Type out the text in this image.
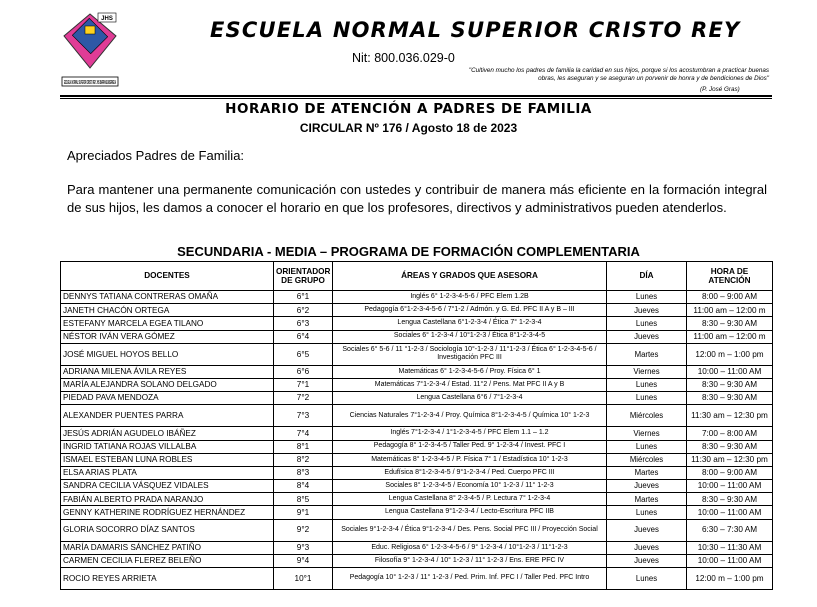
JHS
ESCUELA NORMAL SUPERIOR CRISTO REY JHS BARRANCABERMEJA
ESCUELA NORMAL SUPERIOR CRISTO REY
Nit: 800.036.029-0
"Cultiven mucho los padres de familia la caridad en sus hijos, porque si los acostumbran a practicar buenas obras, les aseguran y se aseguran un porvenir de honra y de bendiciones de Dios"
(P. José Gras)
HORARIO DE ATENCIÓN A PADRES DE FAMILIA
CIRCULAR Nº 176 / Agosto 18 de 2023
Apreciados Padres de Familia:
Para mantener una permanente comunicación con ustedes y contribuir de manera más eficiente en la formación integral de sus hijos, les damos a conocer el horario en que los profesores, directivos y administrativos pueden atenderlos.
SECUNDARIA - MEDIA – PROGRAMA DE FORMACIÓN COMPLEMENTARIA
DOCENTES	ORIENTADOR DE GRUPO	ÁREAS Y GRADOS QUE ASESORA	DÍA	HORA DE ATENCIÓN
DENNYS TATIANA CONTRERAS OMAÑA	6°1	Inglés 6° 1-2-3-4-5-6 / PFC Elem 1.2B	Lunes	8:00 – 9:00 AM
JANETH CHACÓN ORTEGA	6°2	Pedagogía 6°1-2-3-4-5-6 / 7°1-2 / Admón. y G. Ed. PFC II A y B – III	Jueves	11:00 am – 12:00 m
ESTEFANY MARCELA EGEA TILANO	6°3	Lengua Castellana 6°1-2-3-4 / Ética 7° 1-2-3-4	Lunes	8:30 – 9:30 AM
NÉSTOR IVÁN VERA GÓMEZ	6°4	Sociales 6° 1-2-3-4 / 10°1-2-3 / Ética 8°1-2-3-4-5	Jueves	11:00 am – 12:00 m
JOSÉ MIGUEL HOYOS BELLO	6°5	Sociales 6° 5-6 / 11 °1-2-3 / Sociología 10°-1-2-3 / 11°1-2-3 / Ética 6° 1-2-3-4-5-6 / Investigación PFC III	Martes	12:00 m – 1:00 pm
ADRIANA MILENA ÁVILA REYES	6°6	Matemáticas 6° 1-2-3-4-5-6 / Proy. Física 6° 1	Viernes	10:00 – 11:00 AM
MARÍA ALEJANDRA SOLANO DELGADO	7°1	Matemáticas 7°1-2-3-4 / Estad. 11°2 / Pens. Mat PFC II A y B	Lunes	8:30 – 9:30 AM
PIEDAD PAVA MENDOZA	7°2	Lengua Castellana 6°6 / 7°1-2-3-4	Lunes	8:30 – 9:30 AM
ALEXANDER PUENTES PARRA	7°3	Ciencias Naturales 7°1-2-3-4 / Proy. Química 8°1-2-3-4-5 / Química 10° 1-2-3	Miércoles	11:30 am – 12:30 pm
JESÚS ADRIÁN AGUDELO IBÁÑEZ	7°4	Inglés 7°1-2-3-4 / 1°1-2-3-4-5 / PFC Elem 1.1 – 1.2	Viernes	7:00 – 8:00 AM
INGRID TATIANA ROJAS VILLALBA	8°1	Pedagogía 8° 1-2-3-4-5 / Taller Ped. 9° 1-2-3-4 / Invest. PFC I	Lunes	8:30 – 9:30 AM
ISMAEL ESTEBAN LUNA ROBLES	8°2	Matemáticas 8° 1-2-3-4-5 / P. Física 7° 1 / Estadística 10° 1-2-3	Miércoles	11:30 am – 12:30 pm
ELSA ARIAS PLATA	8°3	Edufísica 8°1-2-3-4-5 / 9°1-2-3-4 / Ped. Cuerpo PFC III	Martes	8:00 – 9:00 AM
SANDRA CECILIA VÁSQUEZ VIDALES	8°4	Sociales 8° 1-2-3-4-5 / Economía 10° 1-2-3 / 11° 1-2-3	Jueves	10:00 – 11:00 AM
FABIÁN ALBERTO PRADA NARANJO	8°5	Lengua Castellana 8° 2-3-4-5 / P. Lectura 7° 1-2-3-4	Martes	8:30 – 9:30 AM
GENNY KATHERINE RODRÍGUEZ HERNÁNDEZ	9°1	Lengua Castellana 9°1-2-3-4 / Lecto-Escritura PFC IIB	Lunes	10:00 – 11:00 AM
GLORIA SOCORRO DÍAZ SANTOS	9°2	Sociales 9°1-2-3-4 / Ética 9°1-2-3-4 / Des. Pens. Social PFC III / Proyección Social	Jueves	6:30 – 7:30 AM
MARÍA DAMARIS SÁNCHEZ PATIÑO	9°3	Educ. Religiosa 6° 1-2-3-4-5-6 / 9° 1-2-3-4 / 10°1-2-3 / 11°1-2-3	Jueves	10:30 – 11:30 AM
CARMEN CECILIA FLEREZ BELEÑO	9°4	Filosofía 9° 1-2-3-4 / 10° 1-2-3 / 11° 1-2-3 / Ens. ERE PFC IV	Jueves	10:00 – 11:00 AM
ROCIO REYES ARRIETA	10°1	Pedagogía 10° 1-2-3 / 11° 1-2-3 / Ped. Prim. Inf. PFC I / Taller Ped. PFC Intro	Lunes	12:00 m – 1:00 pm
